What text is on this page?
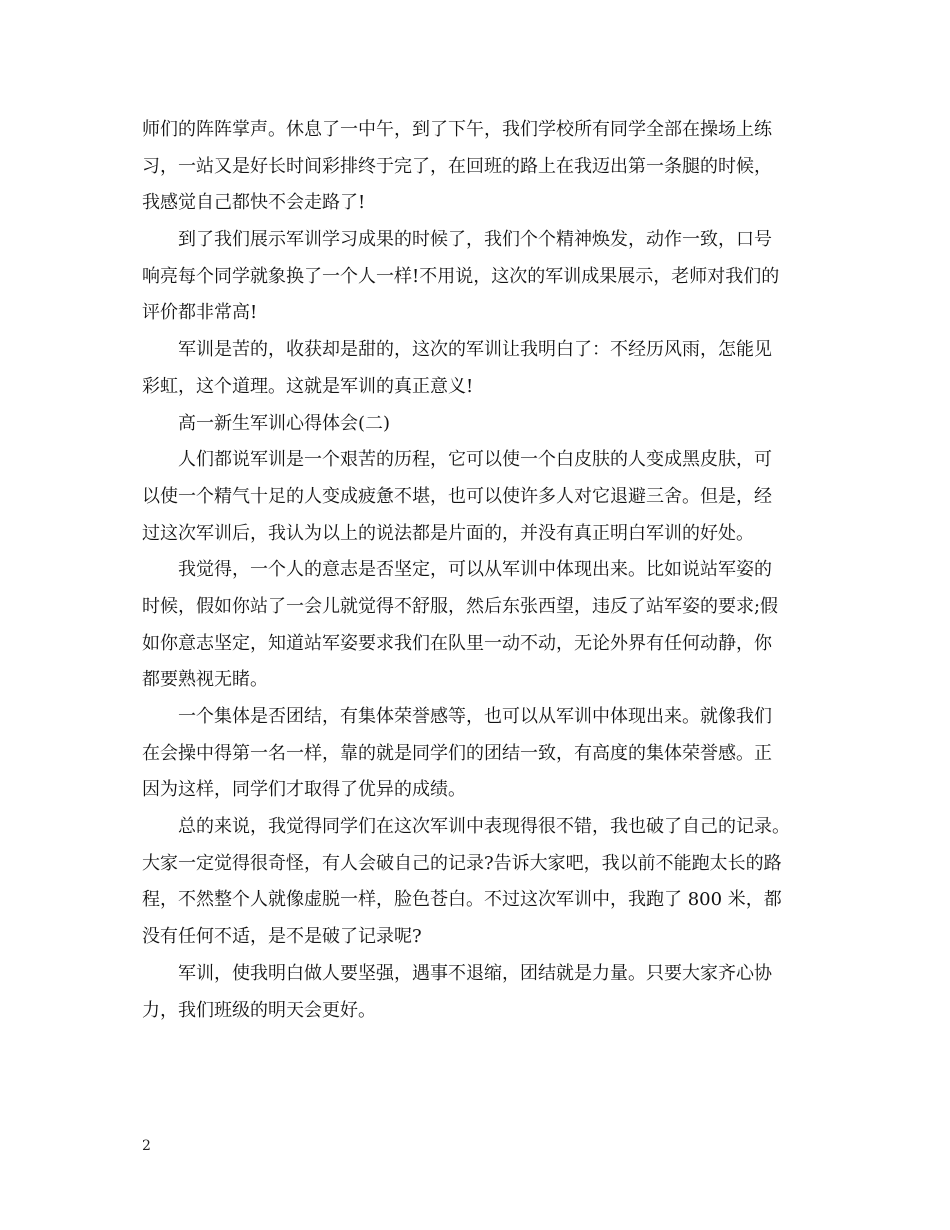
师们的阵阵掌声。休息了一中午，到了下午，我们学校所有同学全部在操场上练
习，一站又是好长时间彩排终于完了，在回班的路上在我迈出第一条腿的时候，
我感觉自己都快不会走路了!
到了我们展示军训学习成果的时候了，我们个个精神焕发，动作一致，口号
响亮每个同学就象换了一个人一样!不用说，这次的军训成果展示，老师对我们的
评价都非常高!
军训是苦的，收获却是甜的，这次的军训让我明白了：不经历风雨，怎能见
彩虹，这个道理。这就是军训的真正意义!
高一新生军训心得体会(二)
人们都说军训是一个艰苦的历程，它可以使一个白皮肤的人变成黑皮肤，可
以使一个精气十足的人变成疲惫不堪，也可以使许多人对它退避三舍。但是，经
过这次军训后，我认为以上的说法都是片面的，并没有真正明白军训的好处。
我觉得，一个人的意志是否坚定，可以从军训中体现出来。比如说站军姿的
时候，假如你站了一会儿就觉得不舒服，然后东张西望，违反了站军姿的要求;假
如你意志坚定，知道站军姿要求我们在队里一动不动，无论外界有任何动静，你
都要熟视无睹。
一个集体是否团结，有集体荣誉感等，也可以从军训中体现出来。就像我们
在会操中得第一名一样，靠的就是同学们的团结一致，有高度的集体荣誉感。正
因为这样，同学们才取得了优异的成绩。
总的来说，我觉得同学们在这次军训中表现得很不错，我也破了自己的记录。
大家一定觉得很奇怪，有人会破自己的记录?告诉大家吧，我以前不能跑太长的路
程，不然整个人就像虚脱一样，脸色苍白。不过这次军训中，我跑了 800 米，都
没有任何不适，是不是破了记录呢?
军训，使我明白做人要坚强，遇事不退缩，团结就是力量。只要大家齐心协
力，我们班级的明天会更好。
2
